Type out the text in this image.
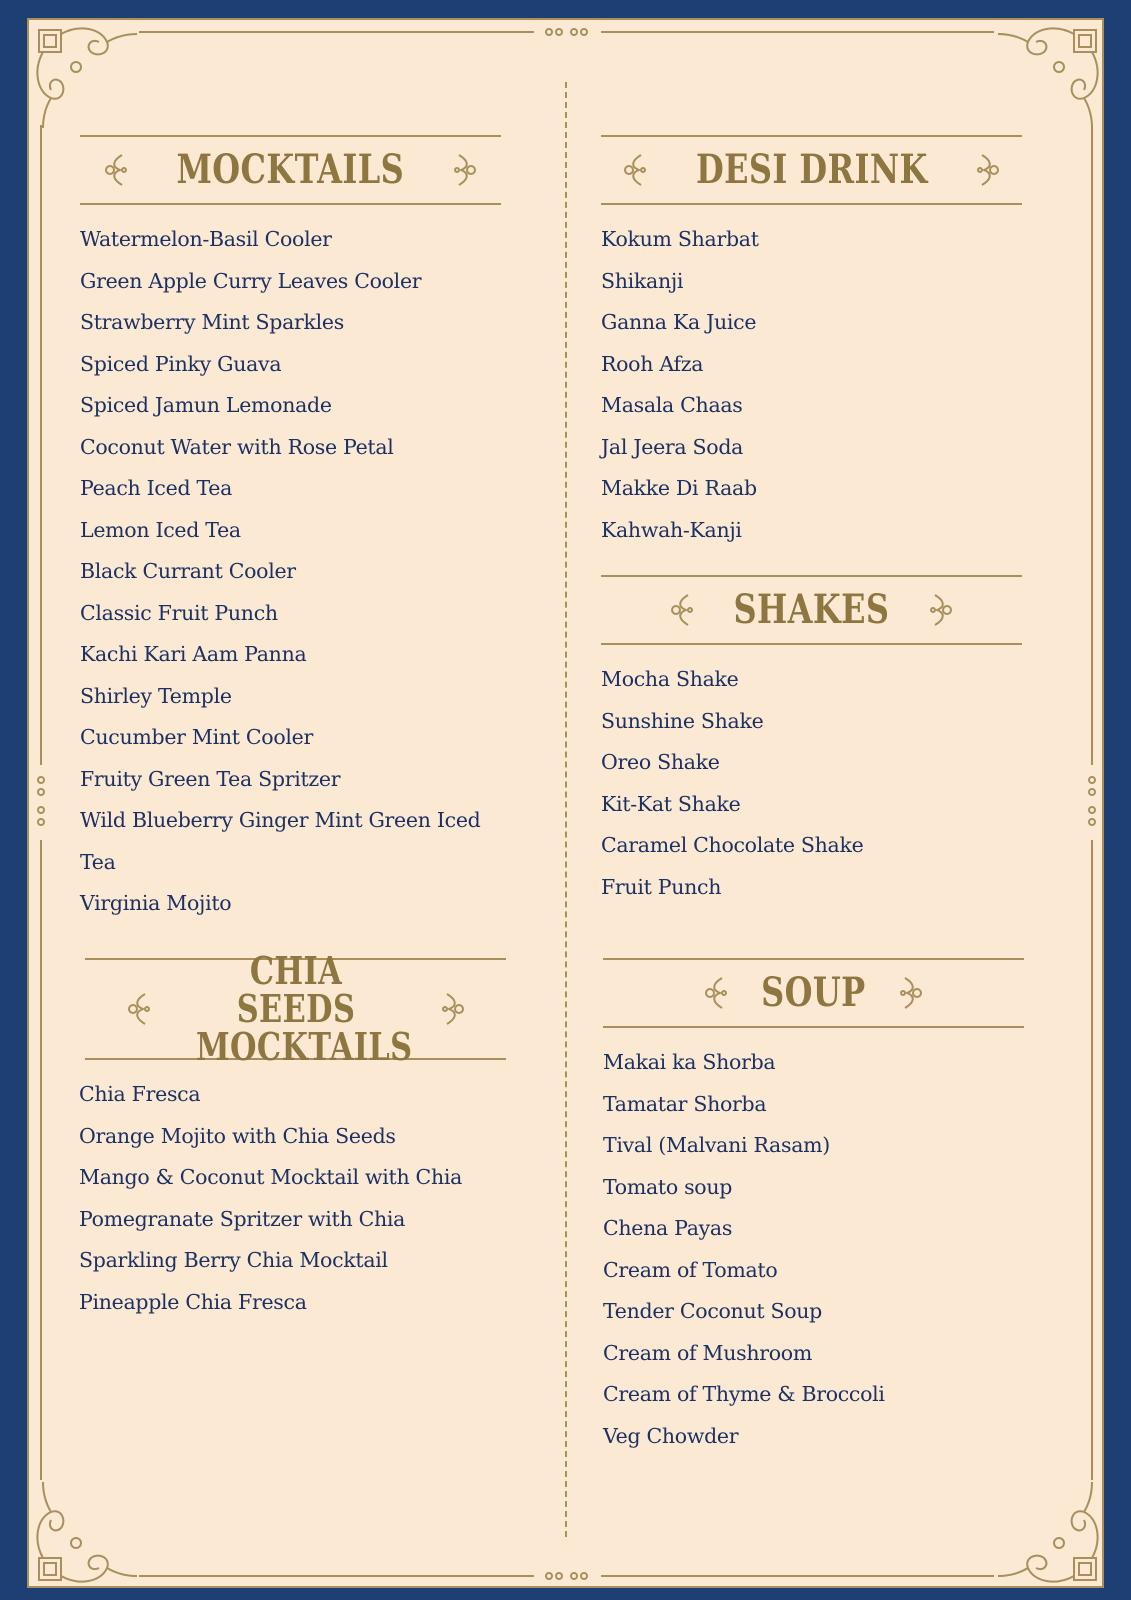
MOCKTAILS
Watermelon-Basil Cooler
Green Apple Curry Leaves Cooler
Strawberry Mint Sparkles
Spiced Pinky Guava
Spiced Jamun Lemonade
Coconut Water with Rose Petal
Peach Iced Tea
Lemon Iced Tea
Black Currant Cooler
Classic Fruit Punch
Kachi Kari Aam Panna
Shirley Temple
Cucumber Mint Cooler
Fruity Green Tea Spritzer
Wild Blueberry Ginger Mint Green Iced Tea
Virginia Mojito
CHIA SEEDS MOCKTAILS
Chia Fresca
Orange Mojito with Chia Seeds
Mango & Coconut Mocktail with Chia
Pomegranate Spritzer with Chia
Sparkling Berry Chia Mocktail
Pineapple Chia Fresca
DESI DRINK
Kokum Sharbat
Shikanji
Ganna Ka Juice
Rooh Afza
Masala Chaas
Jal Jeera Soda
Makke Di Raab
Kahwah-Kanji
SHAKES
Mocha Shake
Sunshine Shake
Oreo Shake
Kit-Kat Shake
Caramel Chocolate Shake
Fruit Punch
SOUP
Makai ka Shorba
Tamatar Shorba
Tival (Malvani Rasam)
Tomato soup
Chena Payas
Cream of Tomato
Tender Coconut Soup
Cream of Mushroom
Cream of Thyme & Broccoli
Veg Chowder
